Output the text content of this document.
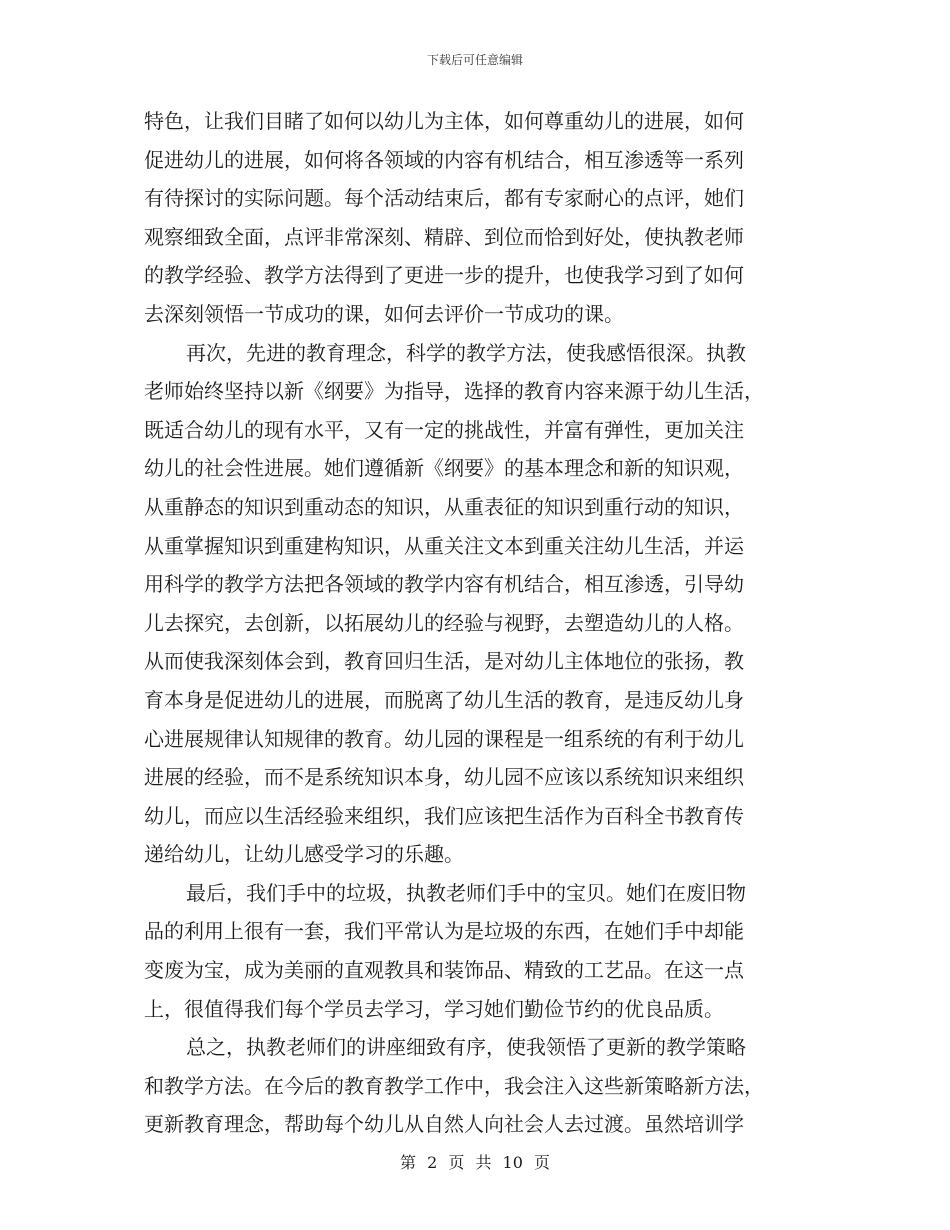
下载后可任意编辑
特色，让我们目睹了如何以幼儿为主体，如何尊重幼儿的进展，如何
促进幼儿的进展，如何将各领域的内容有机结合，相互渗透等一系列
有待探讨的实际问题。每个活动结束后，都有专家耐心的点评，她们
观察细致全面，点评非常深刻、精辟、到位而恰到好处，使执教老师
的教学经验、教学方法得到了更进一步的提升，也使我学习到了如何
去深刻领悟一节成功的课，如何去评价一节成功的课。
再次，先进的教育理念，科学的教学方法，使我感悟很深。执教
老师始终坚持以新《纲要》为指导，选择的教育内容来源于幼儿生活，
既适合幼儿的现有水平，又有一定的挑战性，并富有弹性，更加关注
幼儿的社会性进展。她们遵循新《纲要》的基本理念和新的知识观，
从重静态的知识到重动态的知识，从重表征的知识到重行动的知识，
从重掌握知识到重建构知识，从重关注文本到重关注幼儿生活，并运
用科学的教学方法把各领域的教学内容有机结合，相互渗透，引导幼
儿去探究，去创新，以拓展幼儿的经验与视野，去塑造幼儿的人格。
从而使我深刻体会到，教育回归生活，是对幼儿主体地位的张扬，教
育本身是促进幼儿的进展，而脱离了幼儿生活的教育，是违反幼儿身
心进展规律认知规律的教育。幼儿园的课程是一组系统的有利于幼儿
进展的经验，而不是系统知识本身，幼儿园不应该以系统知识来组织
幼儿，而应以生活经验来组织，我们应该把生活作为百科全书教育传
递给幼儿，让幼儿感受学习的乐趣。
最后，我们手中的垃圾，执教老师们手中的宝贝。她们在废旧物
品的利用上很有一套，我们平常认为是垃圾的东西，在她们手中却能
变废为宝，成为美丽的直观教具和装饰品、精致的工艺品。在这一点
上，很值得我们每个学员去学习，学习她们勤俭节约的优良品质。
总之，执教老师们的讲座细致有序，使我领悟了更新的教学策略
和教学方法。在今后的教育教学工作中，我会注入这些新策略新方法，
更新教育理念，帮助每个幼儿从自然人向社会人去过渡。虽然培训学
第 2 页 共 10 页
